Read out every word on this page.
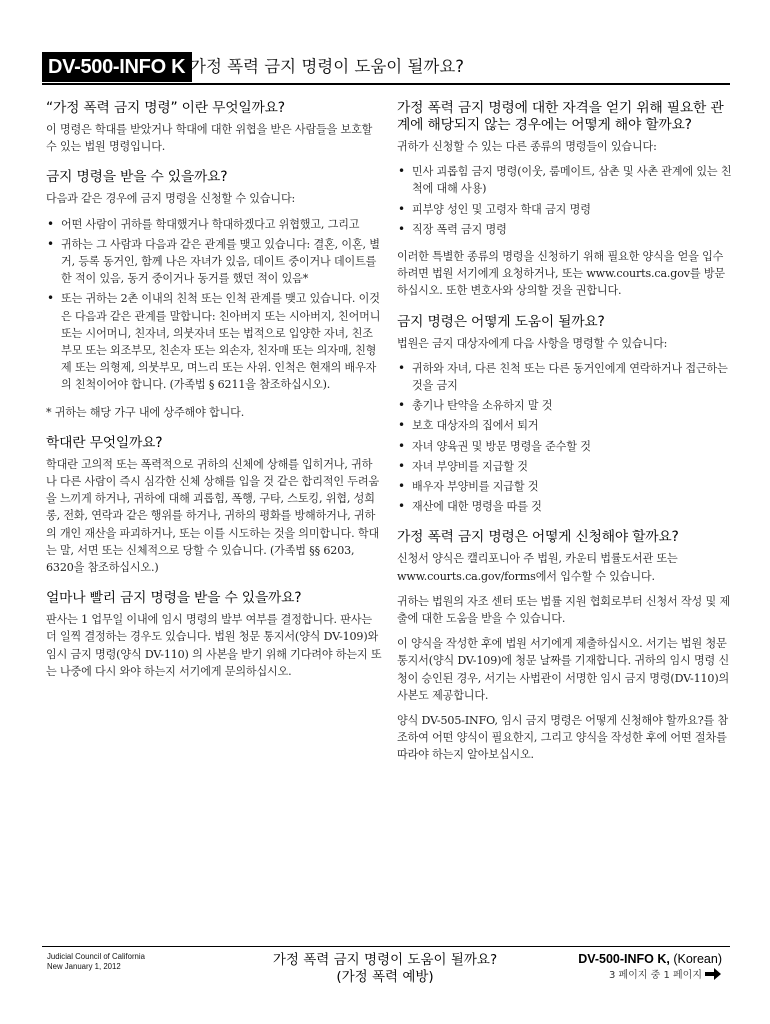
DV-500-INFO K 가정 폭력 금지 명령이 도움이 될까요?
“가정 폭력 금지 명령” 이란 무엇일까요?

이 명령은 학대를 받았거나 학대에 대한 위협을 받은 사람들을 보호할 수 있는 법원 명령입니다.

금지 명령을 받을 수 있을까요?

다음과 같은 경우에 금지 명령을 신청할 수 있습니다:

• 어떤 사람이 귀하를 학대했거나 학대하겠다고 위협했고, 그리고
• 귀하는 그 사람과 다음과 같은 관계를 맺고 있습니다: 결혼, 이혼, 별거, 등록 동거인, 함께 나은 자녀가 있음, 데이트 중이거나 데이트를 한 적이 있음, 동거 중이거나 동거를 했던 적이 있음*
• 또는 귀하는 2촌 이내의 친척 또는 인척 관계를 맺고 있습니다. 이것은 다음과 같은 관계를 말합니다: 친아버지 또는 시아버지, 친어머니 또는 시어머니, 친자녀, 의붓자녀 또는 법적으로 입양한 자녀, 친조부모 또는 외조부모, 친손자 또는 외손자, 친자매 또는 의자매, 친형제 또는 의형제, 의붓부모, 며느리 또는 사위. 인척은 현재의 배우자의 친척이어야 합니다. (가족법 § 6211을 참조하십시오).

* 귀하는 해당 가구 내에 상주해야 합니다.

학대란 무엇일까요?

학대란 고의적 또는 폭력적으로 귀하의 신체에 상해를 입히거나, 귀하나 다른 사람이 즉시 심각한 신체 상해를 입을 것 같은 합리적인 두려움을 느끼게 하거나, 귀하에 대해 괴롭힘, 폭행, 구타, 스토킹, 위협, 성희롱, 전화, 연락과 같은 행위를 하거나, 귀하의 평화를 방해하거나, 귀하의 개인 재산을 파괴하거나, 또는 이를 시도하는 것을 의미합니다. 학대는 말, 서면 또는 신체적으로 당할 수 있습니다. (가족법 §§ 6203, 6320을 참조하십시오.)

얼마나 빨리 금지 명령을 받을 수 있을까요?

판사는 1 업무일 이내에 임시 명령의 발부 여부를 결정합니다. 판사는 더 일찍 결정하는 경우도 있습니다. 법원 청문 통지서(양식 DV-109)와 임시 금지 명령(양식 DV-110) 의 사본을 받기 위해 기다려야 하는지 또는 나중에 다시 와야 하는지 서기에게 문의하십시오.

가정 폭력 금지 명령에 대한 자격을 얻기 위해 필요한 관계에 해당되지 않는 경우에는 어떻게 해야 할까요?

귀하가 신청할 수 있는 다른 종류의 명령들이 있습니다:

• 민사 괴롭힘 금지 명령(이웃, 룸메이트, 삼촌 및 사촌 관계에 있는 친척에 대해 사용)
• 피부양 성인 및 고령자 학대 금지 명령
• 직장 폭력 금지 명령

이러한 특별한 종류의 명령을 신청하기 위해 필요한 양식을 얻을 입수하려면 법원 서기에게 요청하거나, 또는 www.courts.ca.gov를 방문하십시오. 또한 변호사와 상의할 것을 권합니다.

금지 명령은 어떻게 도움이 될까요?

법원은 금지 대상자에게 다음 사항을 명령할 수 있습니다:

• 귀하와 자녀, 다른 친척 또는 다른 동거인에게 연락하거나 접근하는 것을 금지
• 총기나 탄약을 소유하지 말 것
• 보호 대상자의 집에서 퇴거
• 자녀 양육권 및 방문 명령을 준수할 것
• 자녀 부양비를 지급할 것
• 배우자 부양비를 지급할 것
• 재산에 대한 명령을 따를 것
가정 폭력 금지 명령은 어떻게 신청해야 할까요?

신청서 양식은 캘리포니아 주 법원, 카운티 법률도서관 또는 www.courts.ca.gov/forms에서 입수할 수 있습니다.

귀하는 법원의 자조 센터 또는 법률 지원 협회로부터 신청서 작성 및 제출에 대한 도움을 받을 수 있습니다.

이 양식을 작성한 후에 법원 서기에게 제출하십시오. 서기는 법원 청문 통지서(양식 DV-109)에 청문 날짜를 기재합니다. 귀하의 임시 명령 신청이 승인된 경우, 서기는 사법관이 서명한 임시 금지 명령(DV-110)의 사본도 제공합니다.

양식 DV-505-INFO, 임시 금지 명령은 어떻게 신청해야 할까요?를 참조하여 어떤 양식이 필요한지, 그리고 양식을 작성한 후에 어떤 절차를 따라야 하는지 알아보십시오.

Judicial Council of California
New January 1, 2012	가정 폭력 금지 명령이 도움이 될까요?
(가정 폭력 예방)
DV-500-INFO K, (Korean)
3 페이지 중 1 페이지
